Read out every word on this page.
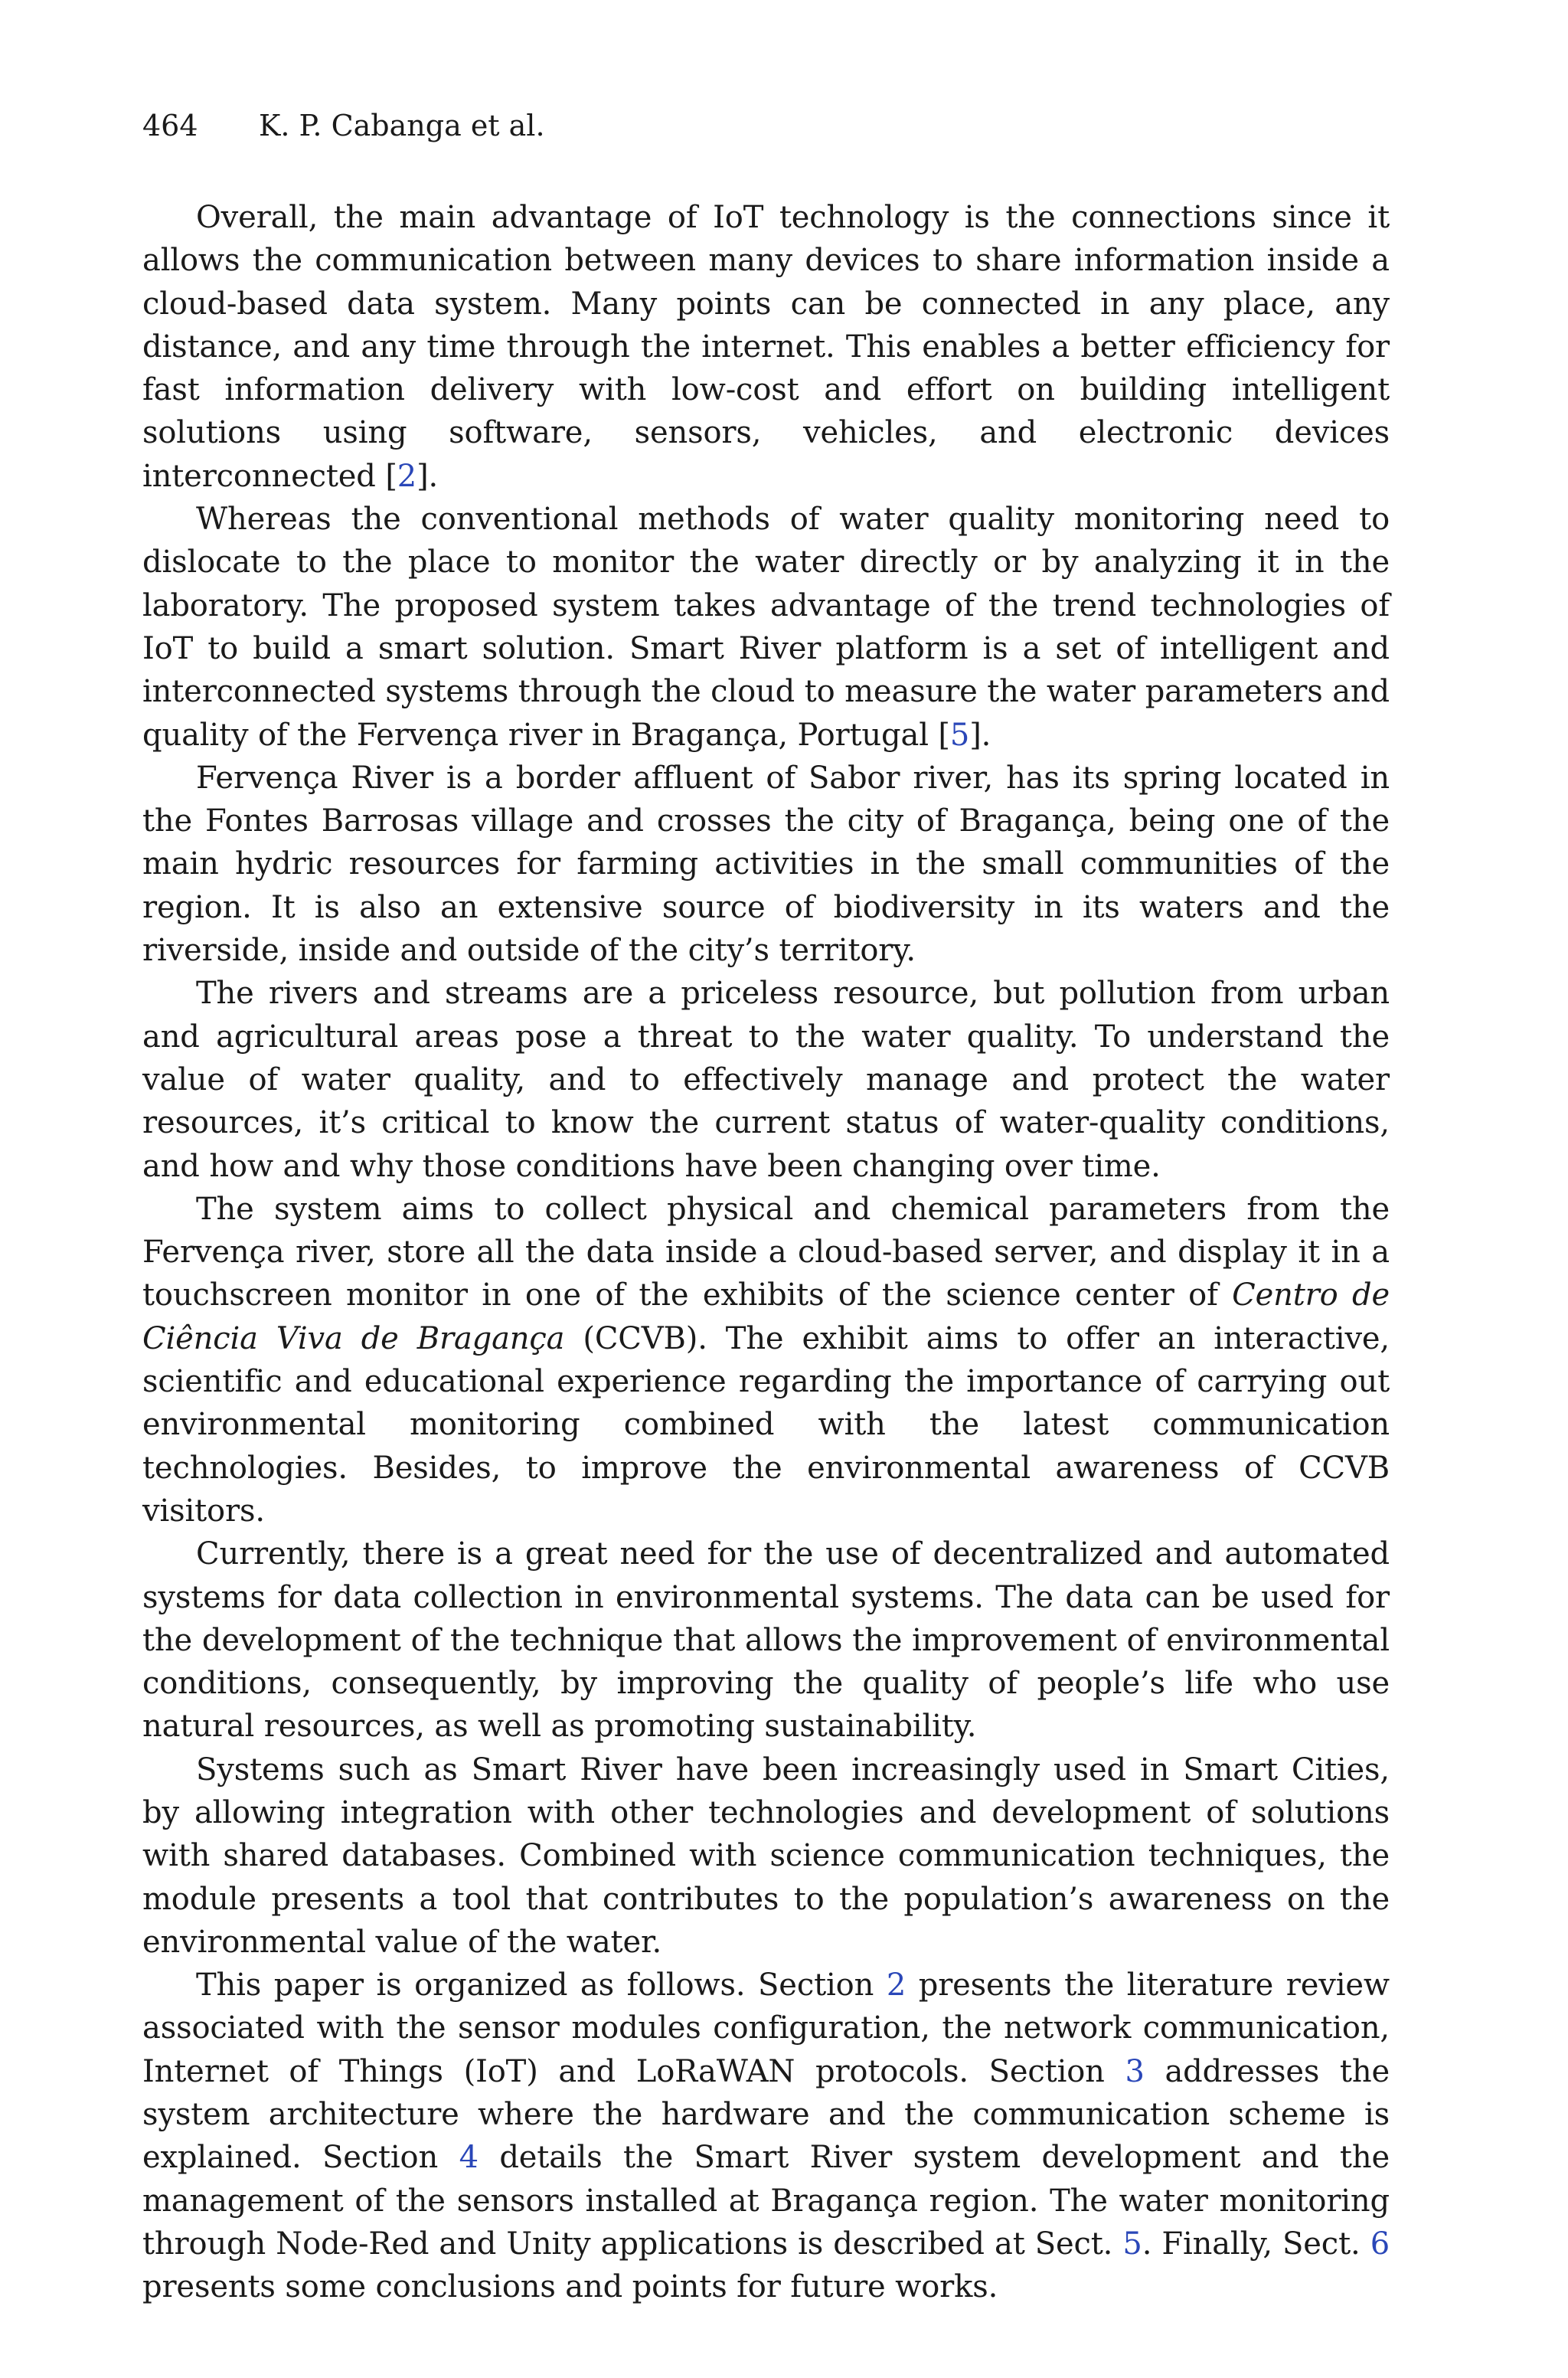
464 K. P. Cabanga et al.

Overall, the main advantage of IoT technology is the connections since it allows the communication between many devices to share information inside a cloud-based data system. Many points can be connected in any place, any distance, and any time through the internet. This enables a better efficiency for fast information delivery with low-cost and effort on building intelligent solutions using software, sensors, vehicles, and electronic devices interconnected [2].

Whereas the conventional methods of water quality monitoring need to dislocate to the place to monitor the water directly or by analyzing it in the laboratory. The proposed system takes advantage of the trend technologies of IoT to build a smart solution. Smart River platform is a set of intelligent and interconnected systems through the cloud to measure the water parameters and quality of the Fervença river in Bragança, Portugal [5].

Fervença River is a border affluent of Sabor river, has its spring located in the Fontes Barrosas village and crosses the city of Bragança, being one of the main hydric resources for farming activities in the small communities of the region. It is also an extensive source of biodiversity in its waters and the riverside, inside and outside of the city’s territory.

The rivers and streams are a priceless resource, but pollution from urban and agricultural areas pose a threat to the water quality. To understand the value of water quality, and to effectively manage and protect the water resources, it’s critical to know the current status of water-quality conditions, and how and why those conditions have been changing over time.

The system aims to collect physical and chemical parameters from the Fervença river, store all the data inside a cloud-based server, and display it in a touchscreen monitor in one of the exhibits of the science center of Centro de Ciência Viva de Bragança (CCVB). The exhibit aims to offer an interactive, scientific and educational experience regarding the importance of carrying out environmental monitoring combined with the latest communication technologies. Besides, to improve the environmental awareness of CCVB visitors.

Currently, there is a great need for the use of decentralized and automated systems for data collection in environmental systems. The data can be used for the development of the technique that allows the improvement of environmental conditions, consequently, by improving the quality of people’s life who use natural resources, as well as promoting sustainability.

Systems such as Smart River have been increasingly used in Smart Cities, by allowing integration with other technologies and development of solutions with shared databases. Combined with science communication techniques, the module presents a tool that contributes to the population’s awareness on the environmental value of the water.

This paper is organized as follows. Section 2 presents the literature review associated with the sensor modules configuration, the network communication, Internet of Things (IoT) and LoRaWAN protocols. Section 3 addresses the system architecture where the hardware and the communication scheme is explained. Section 4 details the Smart River system development and the management of the sensors installed at Bragança region. The water monitoring through Node-Red and Unity applications is described at Sect. 5. Finally, Sect. 6 presents some conclusions and points for future works.
